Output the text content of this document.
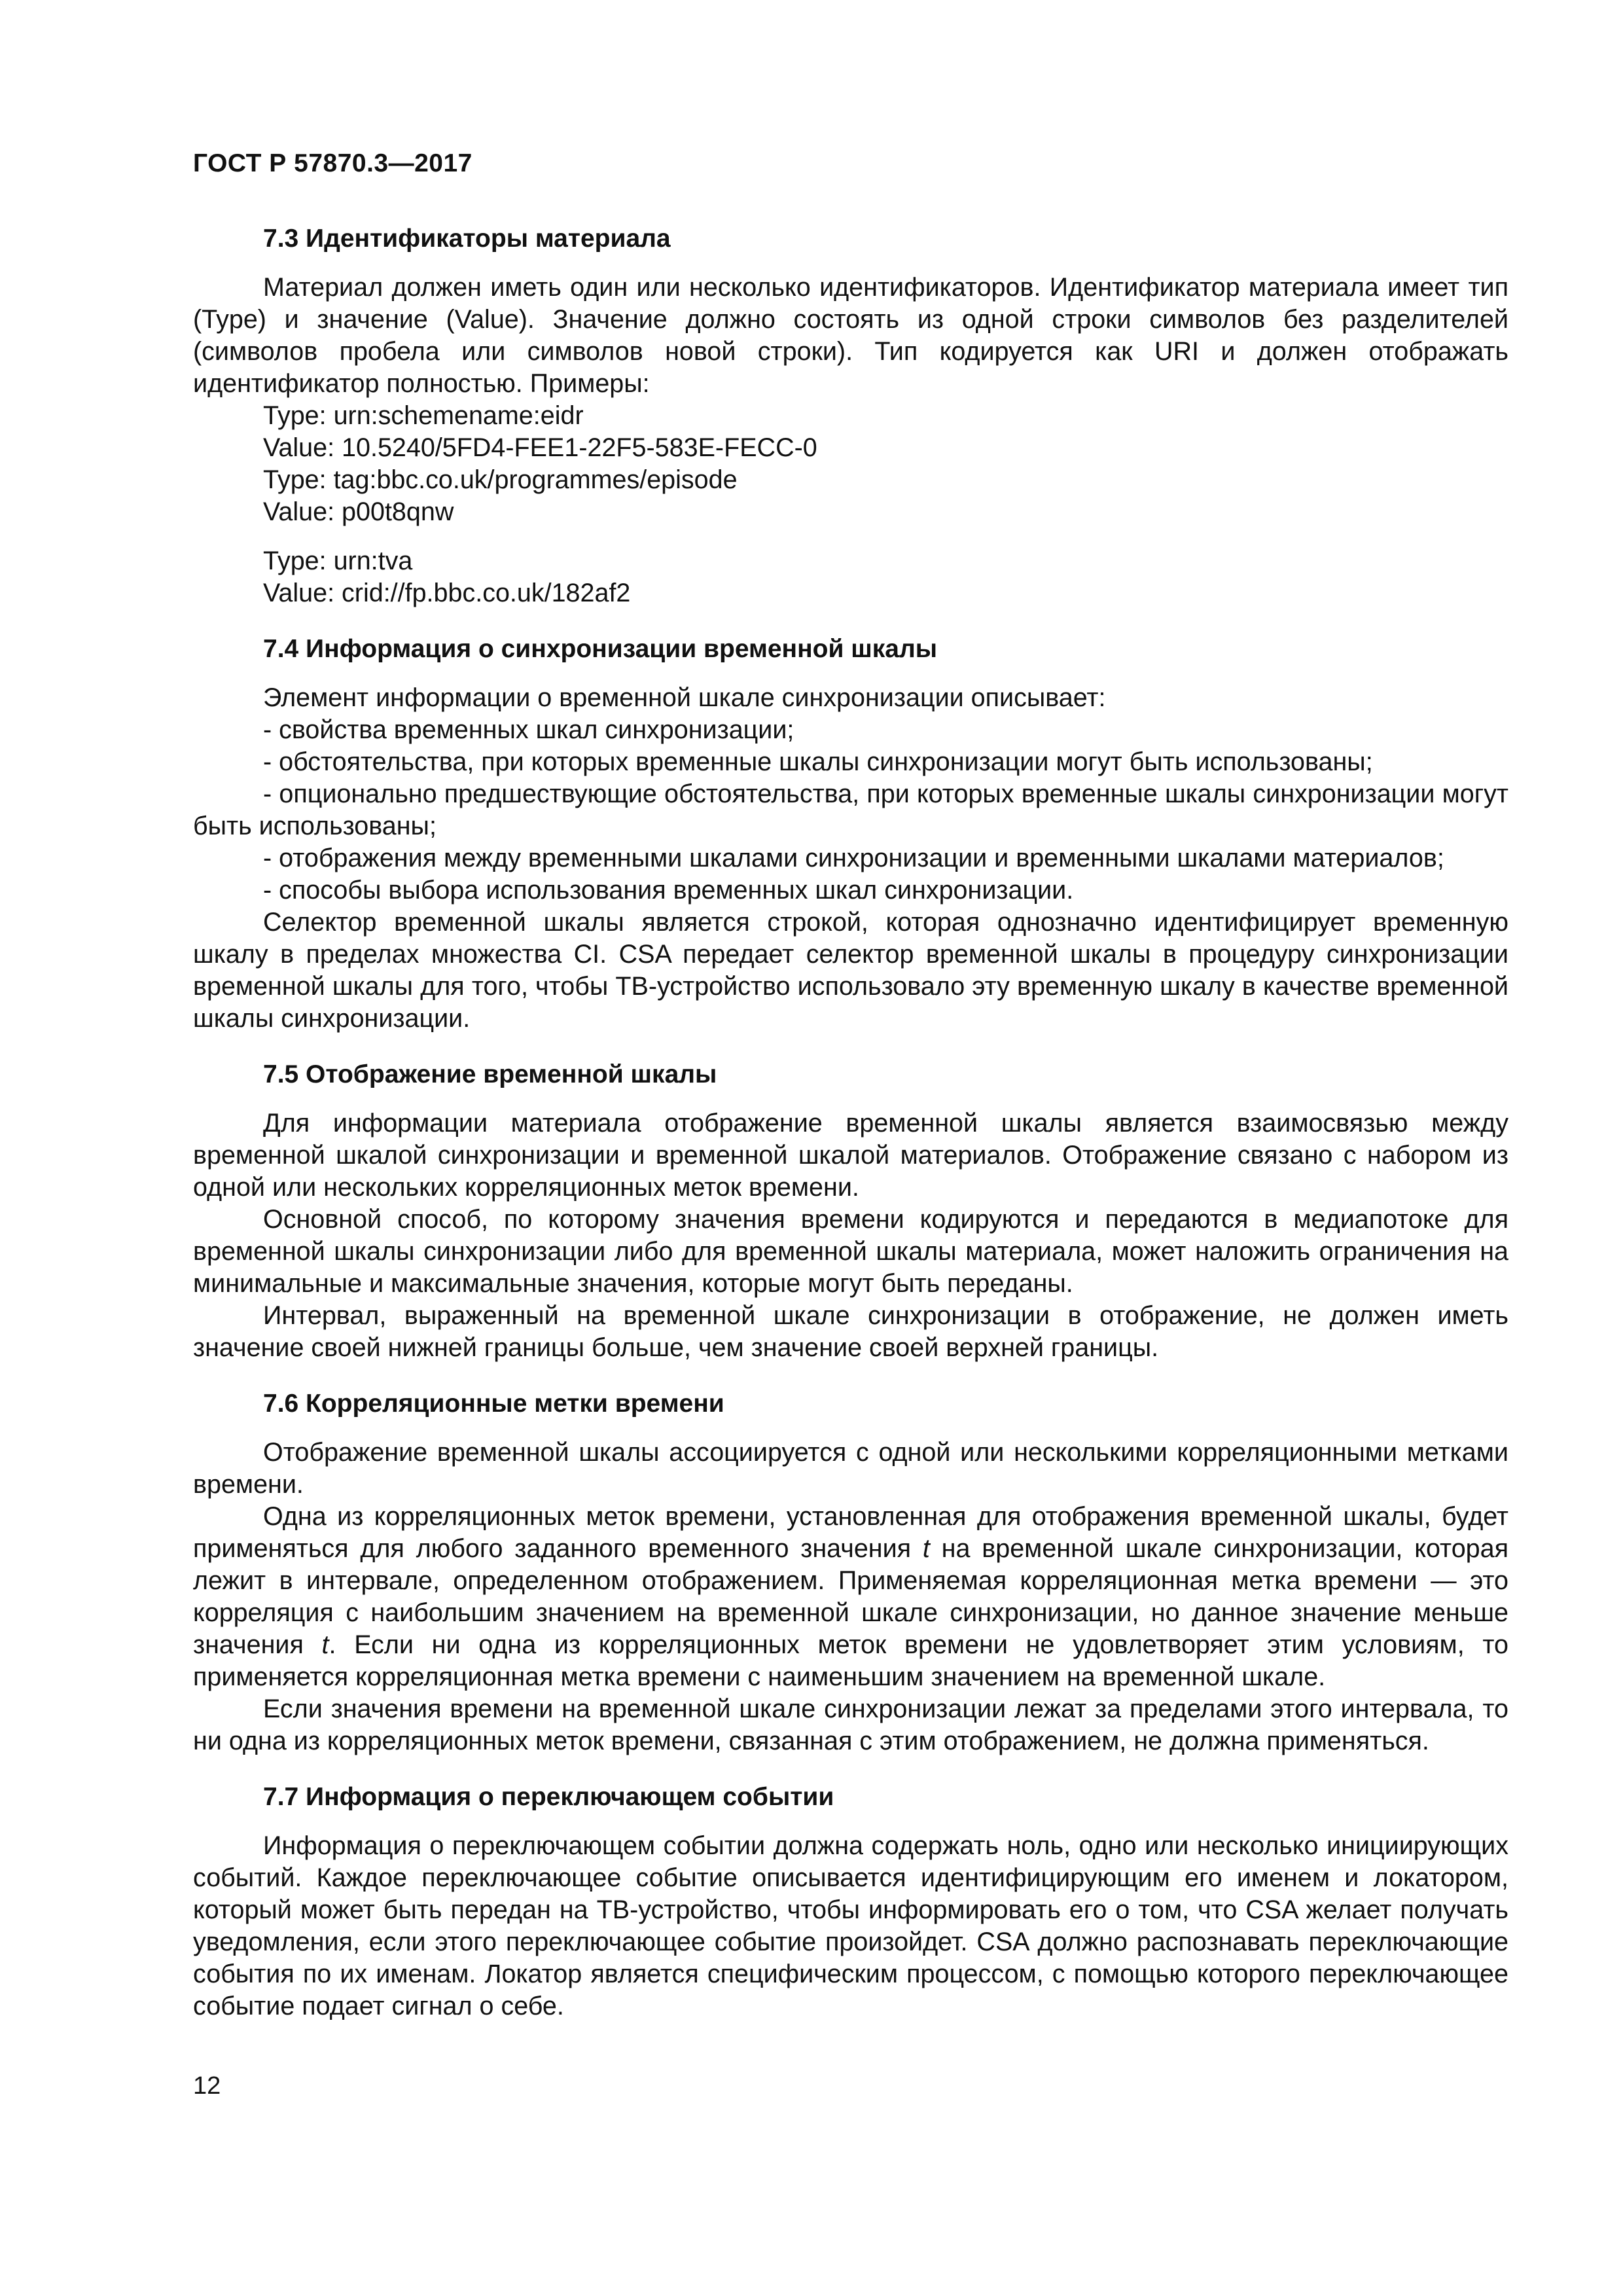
ГОСТ Р 57870.3—2017
7.3 Идентификаторы материала

Материал должен иметь один или несколько идентификаторов. Идентификатор материала имеет тип (Type) и значение (Value). Значение должно состоять из одной строки символов без разделителей (символов пробела или символов новой строки). Тип кодируется как URI и должен отображать идентификатор полностью. Примеры:

Type: urn:schemename:eidr
Value: 10.5240/5FD4-FEE1-22F5-583E-FECC-0
Type: tag:bbc.co.uk/programmes/episode
Value: p00t8qnw
Type: urn:tva
Value: crid://fp.bbc.co.uk/182af2
7.4 Информация о синхронизации временной шкалы

Элемент информации о временной шкале синхронизации описывает:

- свойства временных шкал синхронизации;
- обстоятельства, при которых временные шкалы синхронизации могут быть использованы;
- опционально предшествующие обстоятельства, при которых временные шкалы синхронизации могут быть использованы;
- отображения между временными шкалами синхронизации и временными шкалами материалов;
- способы выбора использования временных шкал синхронизации.

Селектор временной шкалы является строкой, которая однозначно идентифицирует временную шкалу в пределах множества CI. CSA передает селектор временной шкалы в процедуру синхронизации временной шкалы для того, чтобы ТВ-устройство использовало эту временную шкалу в качестве временной шкалы синхронизации.

7.5 Отображение временной шкалы

Для информации материала отображение временной шкалы является взаимосвязью между временной шкалой синхронизации и временной шкалой материалов. Отображение связано с набором из одной или нескольких корреляционных меток времени.

Основной способ, по которому значения времени кодируются и передаются в медиапотоке для временной шкалы синхронизации либо для временной шкалы материала, может наложить ограничения на минимальные и максимальные значения, которые могут быть переданы.

Интервал, выраженный на временной шкале синхронизации в отображение, не должен иметь значение своей нижней границы больше, чем значение своей верхней границы.

7.6 Корреляционные метки времени

Отображение временной шкалы ассоциируется с одной или несколькими корреляционными метками времени.

Одна из корреляционных меток времени, установленная для отображения временной шкалы, будет применяться для любого заданного временного значения t на временной шкале синхронизации, которая лежит в интервале, определенном отображением. Применяемая корреляционная метка времени — это корреляция с наибольшим значением на временной шкале синхронизации, но данное значение меньше значения t. Если ни одна из корреляционных меток времени не удовлетворяет этим условиям, то применяется корреляционная метка времени с наименьшим значением на временной шкале.

Если значения времени на временной шкале синхронизации лежат за пределами этого интервала, то ни одна из корреляционных меток времени, связанная с этим отображением, не должна применяться.

7.7 Информация о переключающем событии

Информация о переключающем событии должна содержать ноль, одно или несколько инициирующих событий. Каждое переключающее событие описывается идентифицирующим его именем и локатором, который может быть передан на ТВ-устройство, чтобы информировать его о том, что CSA желает получать уведомления, если этого переключающее событие произойдет. CSA должно распознавать переключающие события по их именам. Локатор является специфическим процессом, с помощью которого переключающее событие подает сигнал о себе.

12
